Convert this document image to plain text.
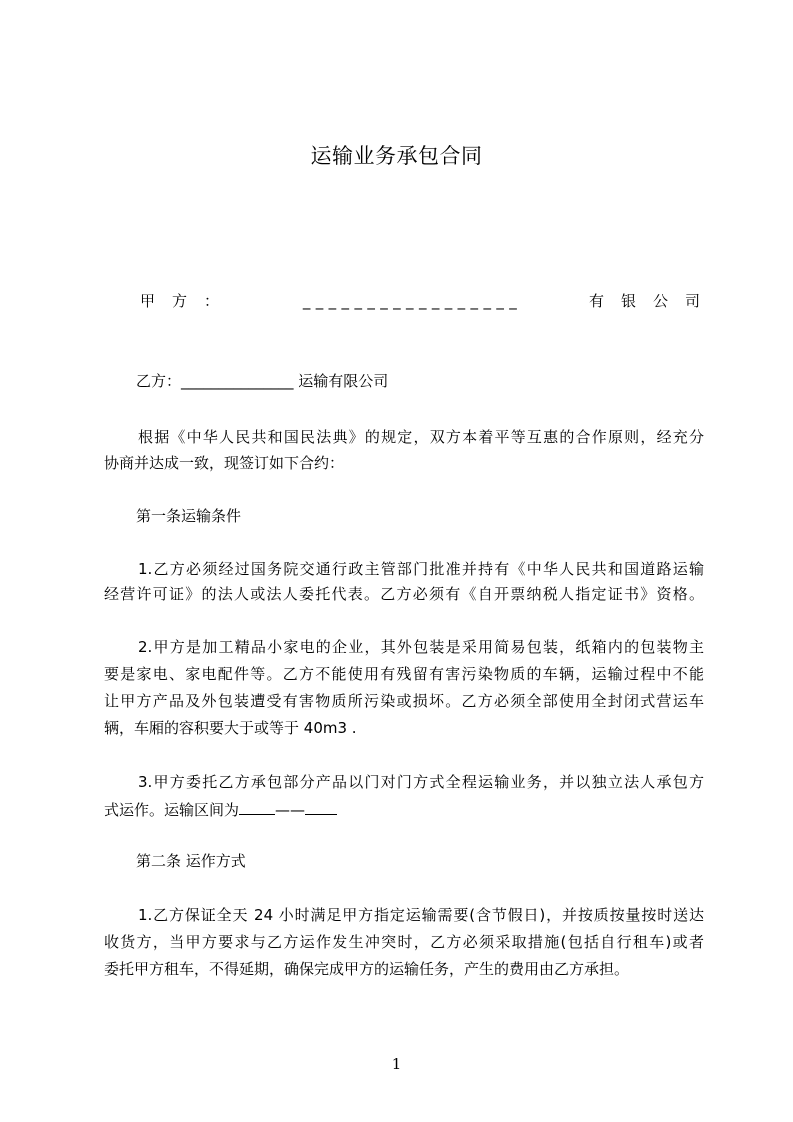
运输业务承包合同
甲方：	_________________	有银公司
乙方：_______________ 运输有限公司
根据《中华人民共和国民法典》的规定，双方本着平等互惠的合作原则，经充分
协商并达成一致，现签订如下合约：
第一条运输条件
1.乙方必须经过国务院交通行政主管部门批准并持有《中华人民共和国道路运输
经营许可证》的法人或法人委托代表。乙方必须有《自开票纳税人指定证书》资格。
2.甲方是加工精品小家电的企业，其外包装是采用简易包装，纸箱内的包装物主
要是家电、家电配件等。乙方不能使用有残留有害污染物质的车辆，运输过程中不能
让甲方产品及外包装遭受有害物质所污染或损坏。乙方必须全部使用全封闭式营运车
辆，车厢的容积要大于或等于 40m3 .
3.甲方委托乙方承包部分产品以门对门方式全程运输业务，并以独立法人承包方
式运作。运输区间为 ——
第二条 运作方式
1.乙方保证全天 24 小时满足甲方指定运输需要(含节假日)，并按质按量按时送达
收货方，当甲方要求与乙方运作发生冲突时，乙方必须采取措施(包括自行租车)或者
委托甲方租车，不得延期，确保完成甲方的运输任务，产生的费用由乙方承担。
1
